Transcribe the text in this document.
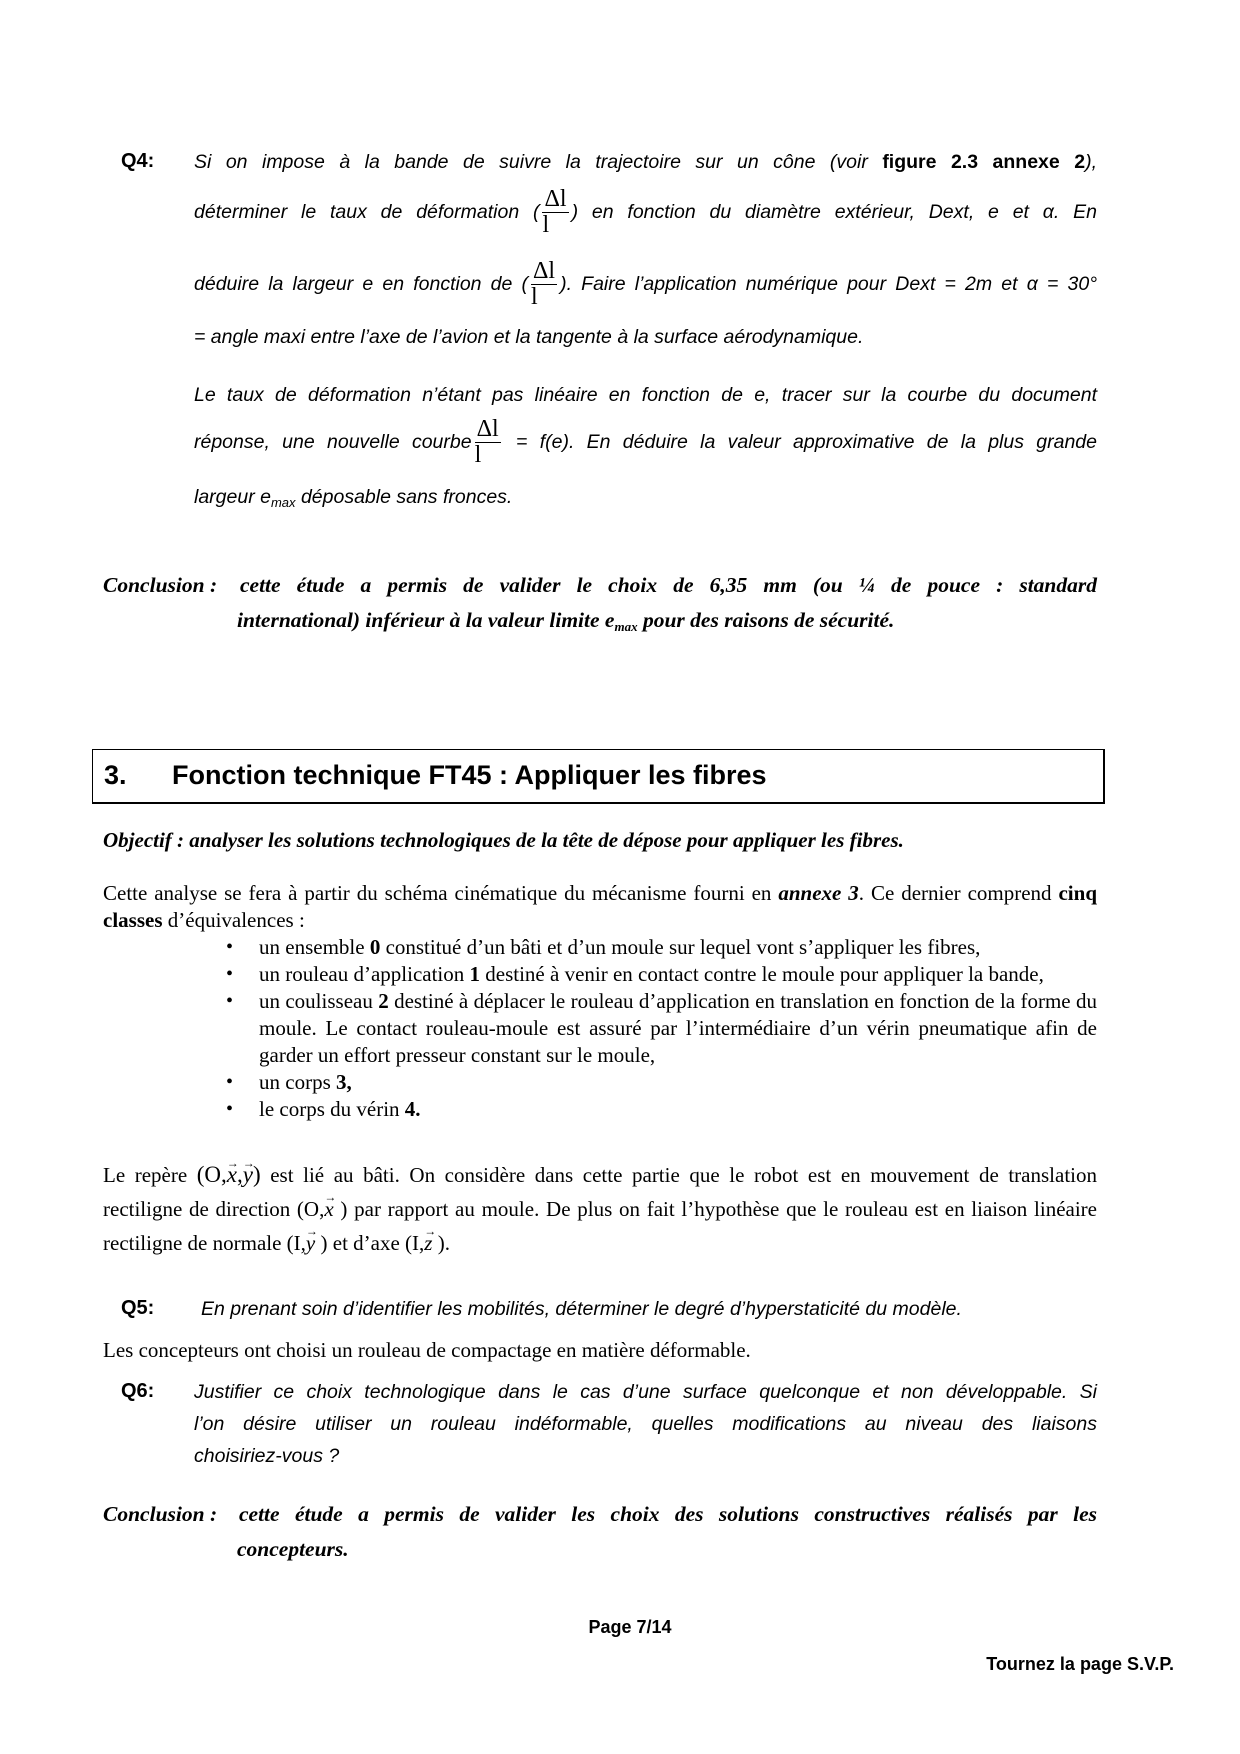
Q4: Si on impose à la bande de suivre la trajectoire sur un cône (voir figure 2.3 annexe 2),
déterminer le taux de déformation ( $\frac{\Delta l}{l}$ ) en fonction du diamètre extérieur, Dext, e et α. En
déduire la largeur e en fonction de ( $\frac{\Delta l}{l}$ ). Faire l’application numérique pour Dext = 2m et α = 30°
= angle maxi entre l’axe de l’avion et la tangente à la surface aérodynamique.
Le taux de déformation n’étant pas linéaire en fonction de e, tracer sur la courbe du document
réponse, une nouvelle courbe $\frac{\Delta l}{l} = f(e)$. En déduire la valeur approximative de la plus grande
largeur $e_{max}$ déposable sans fronces.
Conclusion : cette étude a permis de valider le choix de 6,35 mm (ou ¼ de pouce : standard
international) inférieur à la valeur limite $e_{max}$ pour des raisons de sécurité.
3. Fonction technique FT45 : Appliquer les fibres
Objectif : analyser les solutions technologiques de la tête de dépose pour appliquer les fibres.
Cette analyse se fera à partir du schéma cinématique du mécanisme fourni en annexe 3. Ce dernier comprend cinq classes d’équivalences :
• un ensemble 0 constitué d’un bâti et d’un moule sur lequel vont s’appliquer les fibres,
• un rouleau d’application 1 destiné à venir en contact contre le moule pour appliquer la bande,
• un coulisseau 2 destiné à déplacer le rouleau d’application en translation en fonction de la forme du moule. Le contact rouleau-moule est assuré par l’intermédiaire d’un vérin pneumatique afin de garder un effort presseur constant sur le moule,
• un corps 3,
• le corps du vérin 4.
Le repère (O,→ x,→ y) est lié au bâti. On considère dans cette partie que le robot est en mouvement de translation rectiligne de direction (O,→ x ) par rapport au moule. De plus on fait l’hypothèse que le rouleau est en liaison linéaire rectiligne de normale (I,→ y ) et d’axe (I,→ z ).
Q5: En prenant soin d’identifier les mobilités, déterminer le degré d’hyperstaticité du modèle.
Les concepteurs ont choisi un rouleau de compactage en matière déformable.
Q6: Justifier ce choix technologique dans le cas d’une surface quelconque et non développable. Si
l’on désire utiliser un rouleau indéformable, quelles modifications au niveau des liaisons
choisiriez-vous ?
Conclusion : cette étude a permis de valider les choix des solutions constructives réalisés par les
concepteurs.
Page 7/14
Tournez la page S.V.P.
